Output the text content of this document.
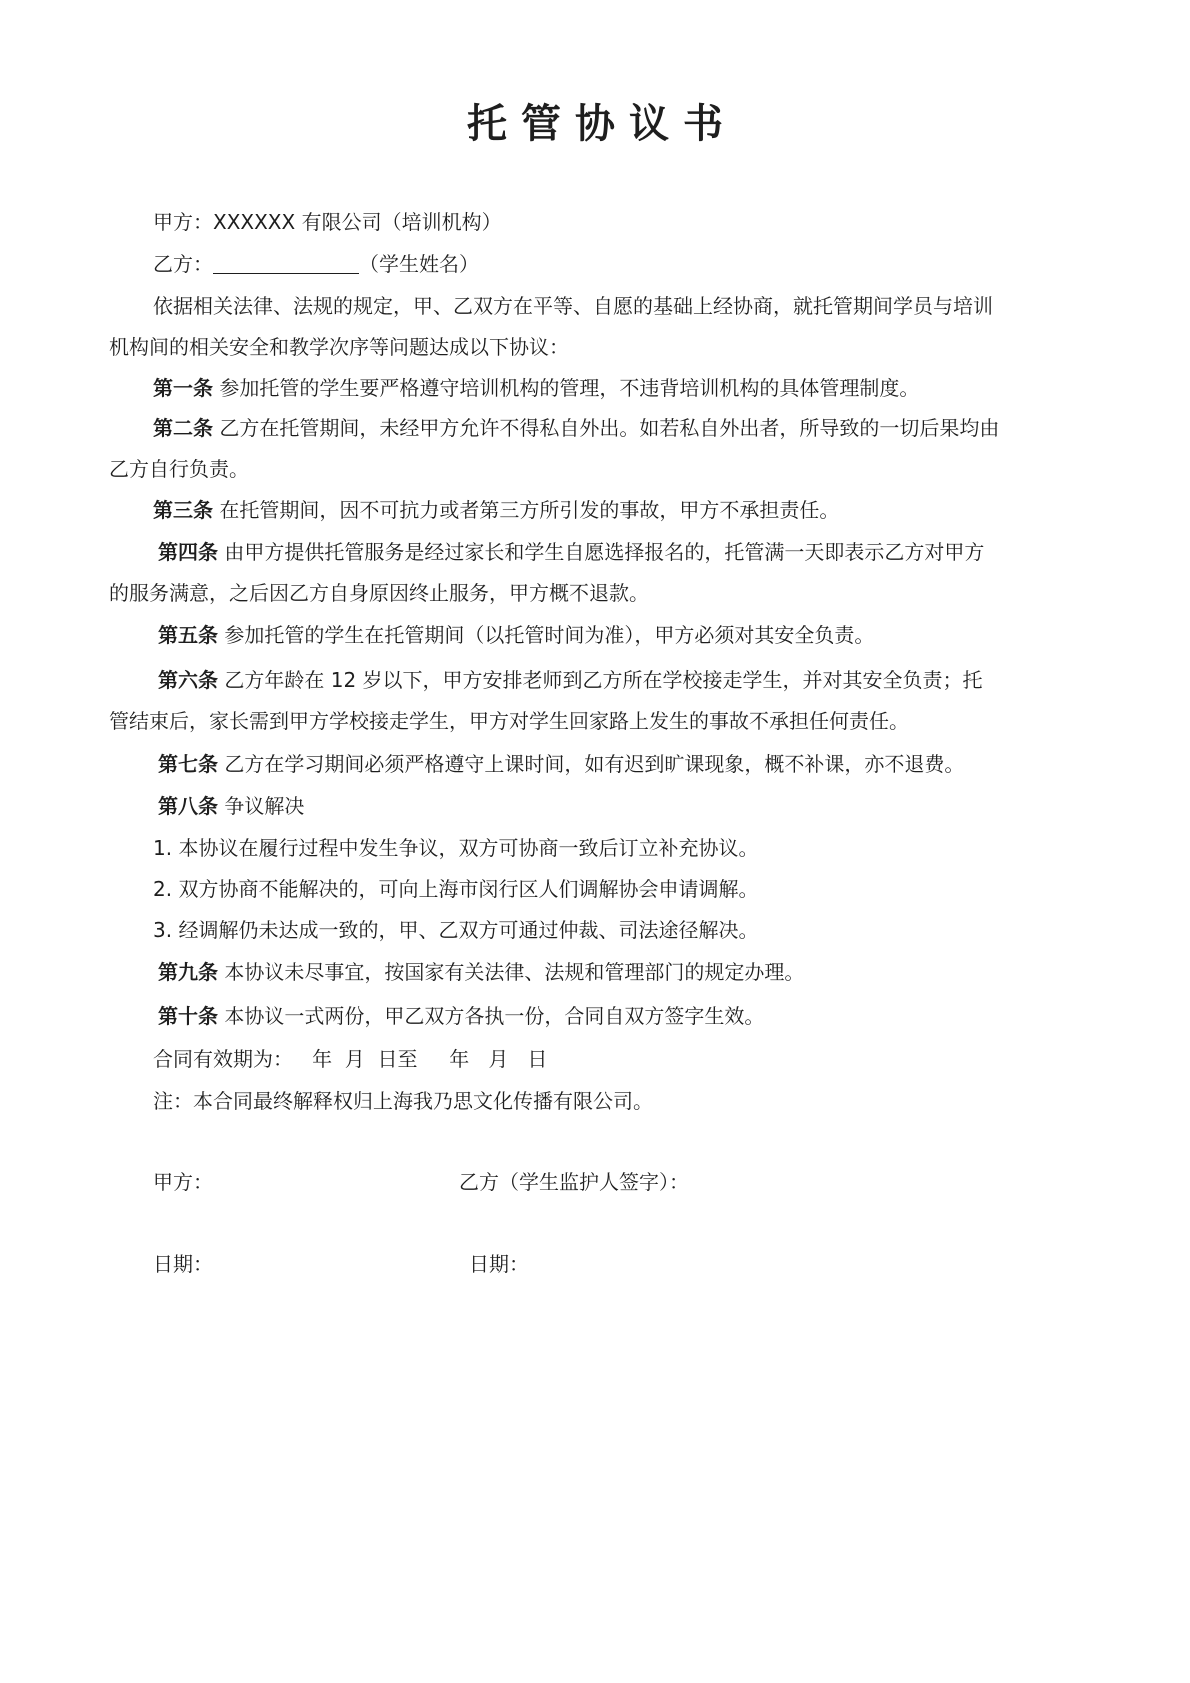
托管协议书
甲方：XXXXXX 有限公司（培训机构）
乙方：	（学生姓名）
依据相关法律、法规的规定，甲、乙双方在平等、自愿的基础上经协商，就托管期间学员与培训
机构间的相关安全和教学次序等问题达成以下协议：
第一条 参加托管的学生要严格遵守培训机构的管理，不违背培训机构的具体管理制度。
第二条 乙方在托管期间，未经甲方允许不得私自外出。如若私自外出者，所导致的一切后果均由
乙方自行负责。
第三条 在托管期间，因不可抗力或者第三方所引发的事故，甲方不承担责任。
第四条 由甲方提供托管服务是经过家长和学生自愿选择报名的，托管满一天即表示乙方对甲方
的服务满意，之后因乙方自身原因终止服务，甲方概不退款。
第五条 参加托管的学生在托管期间（以托管时间为准），甲方必须对其安全负责。
第六条 乙方年龄在 12 岁以下，甲方安排老师到乙方所在学校接走学生，并对其安全负责；托
管结束后，家长需到甲方学校接走学生，甲方对学生回家路上发生的事故不承担任何责任。
第七条 乙方在学习期间必须严格遵守上课时间，如有迟到旷课现象，概不补课，亦不退费。
第八条 争议解决
1. 本协议在履行过程中发生争议，双方可协商一致后订立补充协议。
2. 双方协商不能解决的，可向上海市闵行区人们调解协会申请调解。
3. 经调解仍未达成一致的，甲、乙双方可通过仲裁、司法途径解决。
第九条 本协议未尽事宜，按国家有关法律、法规和管理部门的规定办理。
第十条 本协议一式两份，甲乙双方各执一份，合同自双方签字生效。
合同有效期为：   年  月  日至     年   月   日
注：本合同最终解释权归上海我乃思文化传播有限公司。
甲方：	乙方（学生监护人签字）：
日期：	日期：
